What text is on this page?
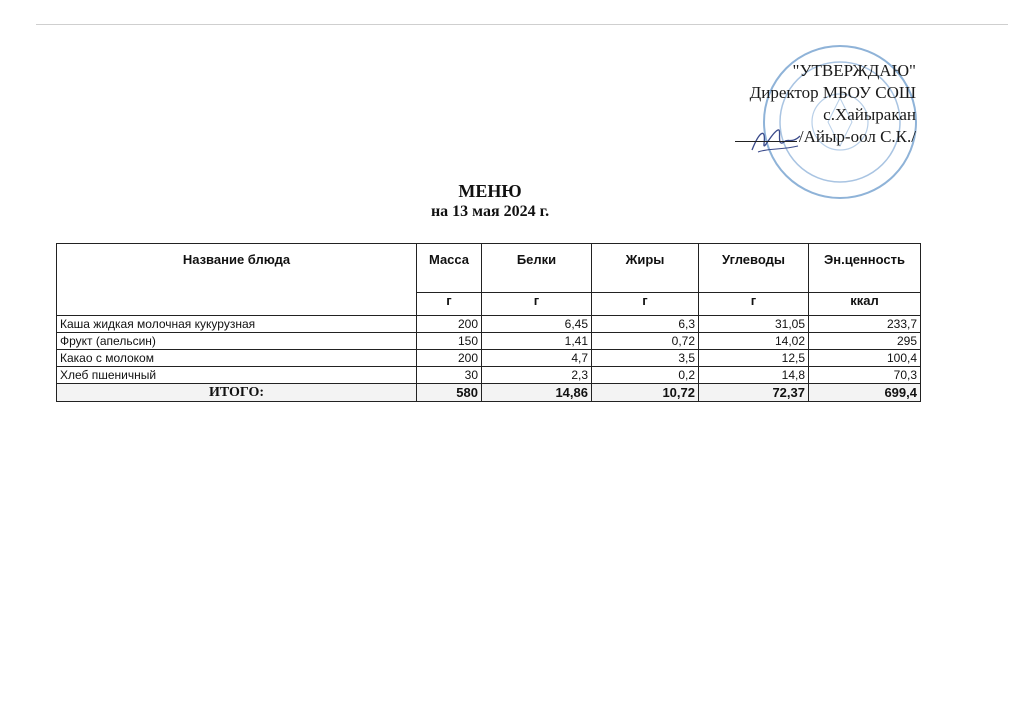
"УТВЕРЖДАЮ"
Директор МБОУ СОШ
с.Хайыракан
/Айыр-оол С.К./
МЕНЮ
на 13 мая 2024 г.
Название блюда	Масса	Белки	Жиры	Углеводы	Эн.ценность
	г	г	г	г	ккал
Каша жидкая молочная кукурузная	200	6,45	6,3	31,05	233,7
Фрукт (апельсин)	150	1,41	0,72	14,02	295
Какао с молоком	200	4,7	3,5	12,5	100,4
Хлеб пшеничный	30	2,3	0,2	14,8	70,3
ИТОГО:	580	14,86	10,72	72,37	699,4
